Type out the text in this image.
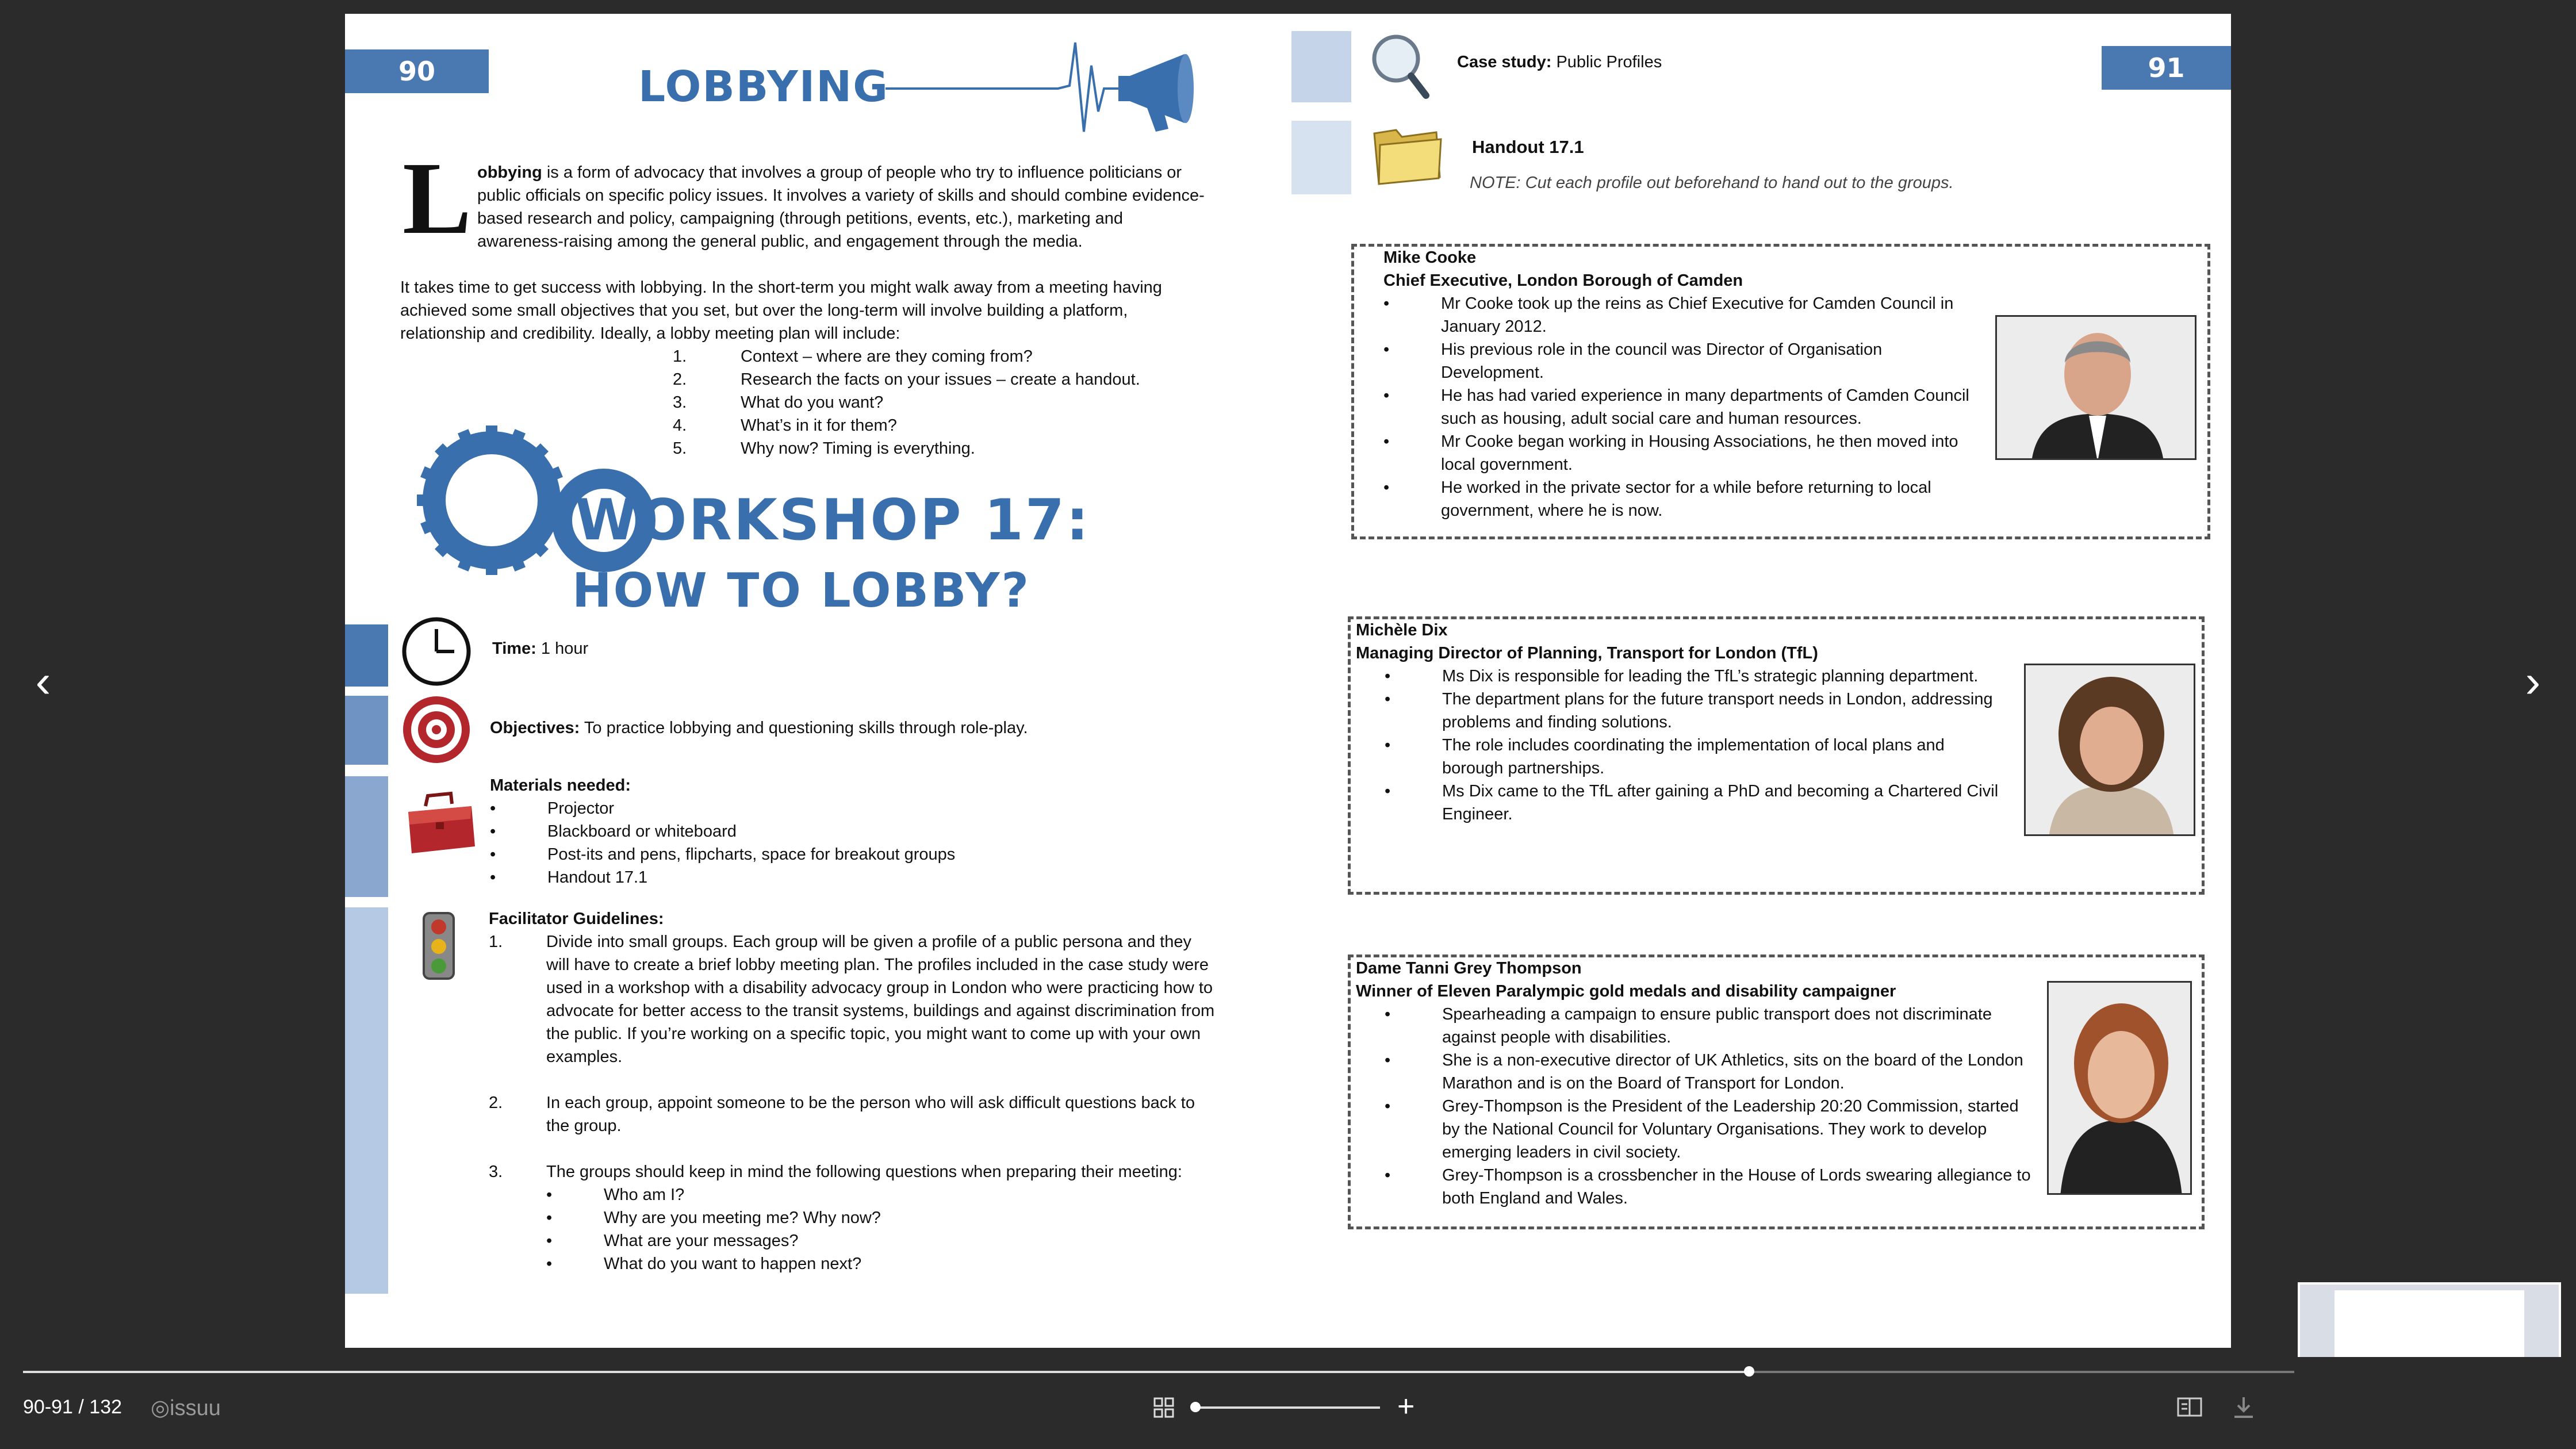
‹	›
90	LOBBYING
L obbying is a form of advocacy that involves a group of people who try to influence politicians or public officials on specific policy issues. It involves a variety of skills and should combine evidence-based research and policy, campaigning (through petitions, events, etc.), marketing and awareness-raising among the general public, and engagement through the media.
It takes time to get success with lobbying. In the short-term you might walk away from a meeting having achieved some small objectives that you set, but over the long-term will involve building a platform, relationship and credibility. Ideally, a lobby meeting plan will include:
1.	Context – where are they coming from?
2.	Research the facts on your issues – create a handout.
3.	What do you want?
4.	What’s in it for them?
5.	Why now? Timing is everything.
WORKSHOP 17:
HOW TO LOBBY?
Time: 1 hour
Objectives: To practice lobbying and questioning skills through role-play.
Materials needed:
•	Projector
•	Blackboard or whiteboard
•	Post-its and pens, flipcharts, space for breakout groups
•	Handout 17.1
Facilitator Guidelines:
1.	Divide into small groups. Each group will be given a profile of a public persona and they will have to create a brief lobby meeting plan. The profiles included in the case study were used in a workshop with a disability advocacy group in London who were practicing how to advocate for better access to the transit systems, buildings and against discrimination from the public. If you’re working on a specific topic, you might want to come up with your own examples.
2.	In each group, appoint someone to be the person who will ask difficult questions back to the group.
3.	The groups should keep in mind the following questions when preparing their meeting:
•	Who am I?
•	Why are you meeting me? Why now?
•	What are your messages?
•	What do you want to happen next?
91
Case study: Public Profiles
Handout 17.1
NOTE: Cut each profile out beforehand to hand out to the groups.
Mike Cooke
Chief Executive, London Borough of Camden
•	Mr Cooke took up the reins as Chief Executive for Camden Council in January 2012.
•	His previous role in the council was Director of Organisation Development.
•	He has had varied experience in many departments of Camden Council such as housing, adult social care and human resources.
•	Mr Cooke began working in Housing Associations, he then moved into local government.
•	He worked in the private sector for a while before returning to local government, where he is now.
Michèle Dix
Managing Director of Planning, Transport for London (TfL)
•	Ms Dix is responsible for leading the TfL’s strategic planning department.
•	The department plans for the future transport needs in London, addressing problems and finding solutions.
•	The role includes coordinating the implementation of local plans and borough partnerships.
•	Ms Dix came to the TfL after gaining a PhD and becoming a Chartered Civil Engineer.
Dame Tanni Grey Thompson
Winner of Eleven Paralympic gold medals and disability campaigner
•	Spearheading a campaign to ensure public transport does not discriminate against people with disabilities.
•	She is a non-executive director of UK Athletics, sits on the board of the London Marathon and is on the Board of Transport for London.
•	Grey-Thompson is the President of the Leadership 20:20 Commission, started by the National Council for Voluntary Organisations. They work to develop emerging leaders in civil society.
•	Grey-Thompson is a crossbencher in the House of Lords swearing allegiance to both England and Wales.
90-91 / 132 ◎issuu	+
